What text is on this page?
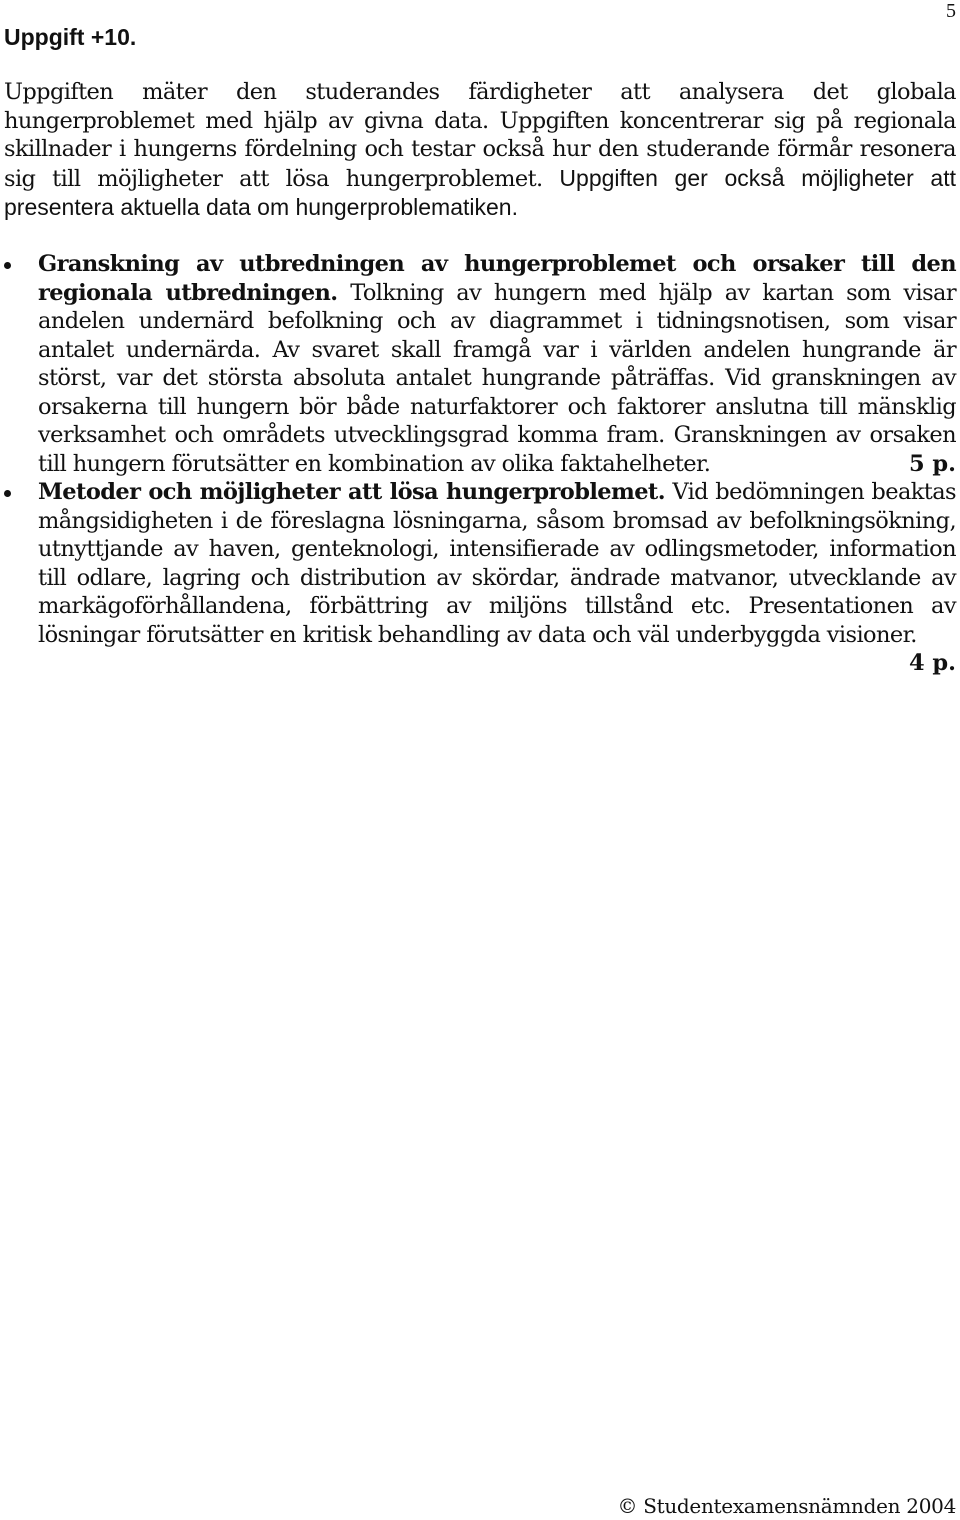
5
Uppgift +10.
Uppgiften mäter den studerandes färdigheter att analysera det globala hungerproblemet med hjälp av givna data. Uppgiften koncentrerar sig på regionala skillnader i hungerns fördelning och testar också hur den studerande förmår resonera sig till möjligheter att lösa hungerproblemet. Uppgiften ger också möjligheter att presentera aktuella data om hungerproblematiken.
Granskning av utbredningen av hungerproblemet och orsaker till den regionala utbredningen. Tolkning av hungern med hjälp av kartan som visar andelen undernärd befolkning och av diagrammet i tidningsnotisen, som visar antalet undernärda. Av svaret skall framgå var i världen andelen hungrande är störst, var det största absoluta antalet hungrande påträffas. Vid granskningen av orsakerna till hungern bör både naturfaktorer och faktorer anslutna till mänsklig verksamhet och områdets utvecklingsgrad komma fram. Granskningen av orsaken till hungern förutsätter en kombination av olika faktahelheter.	5 p.
Metoder och möjligheter att lösa hungerproblemet. Vid bedömningen beaktas mångsidigheten i de föreslagna lösningarna, såsom bromsad av befolkningsökning, utnyttjande av haven, genteknologi, intensifierade av odlingsmetoder, information till odlare, lagring och distribution av skördar, ändrade matvanor, utvecklande av markägoförhållandena, förbättring av miljöns tillstånd etc. Presentationen av lösningar förutsätter en kritisk behandling av data och väl underbyggda visioner.
4 p.
© Studentexamensnämnden 2004
